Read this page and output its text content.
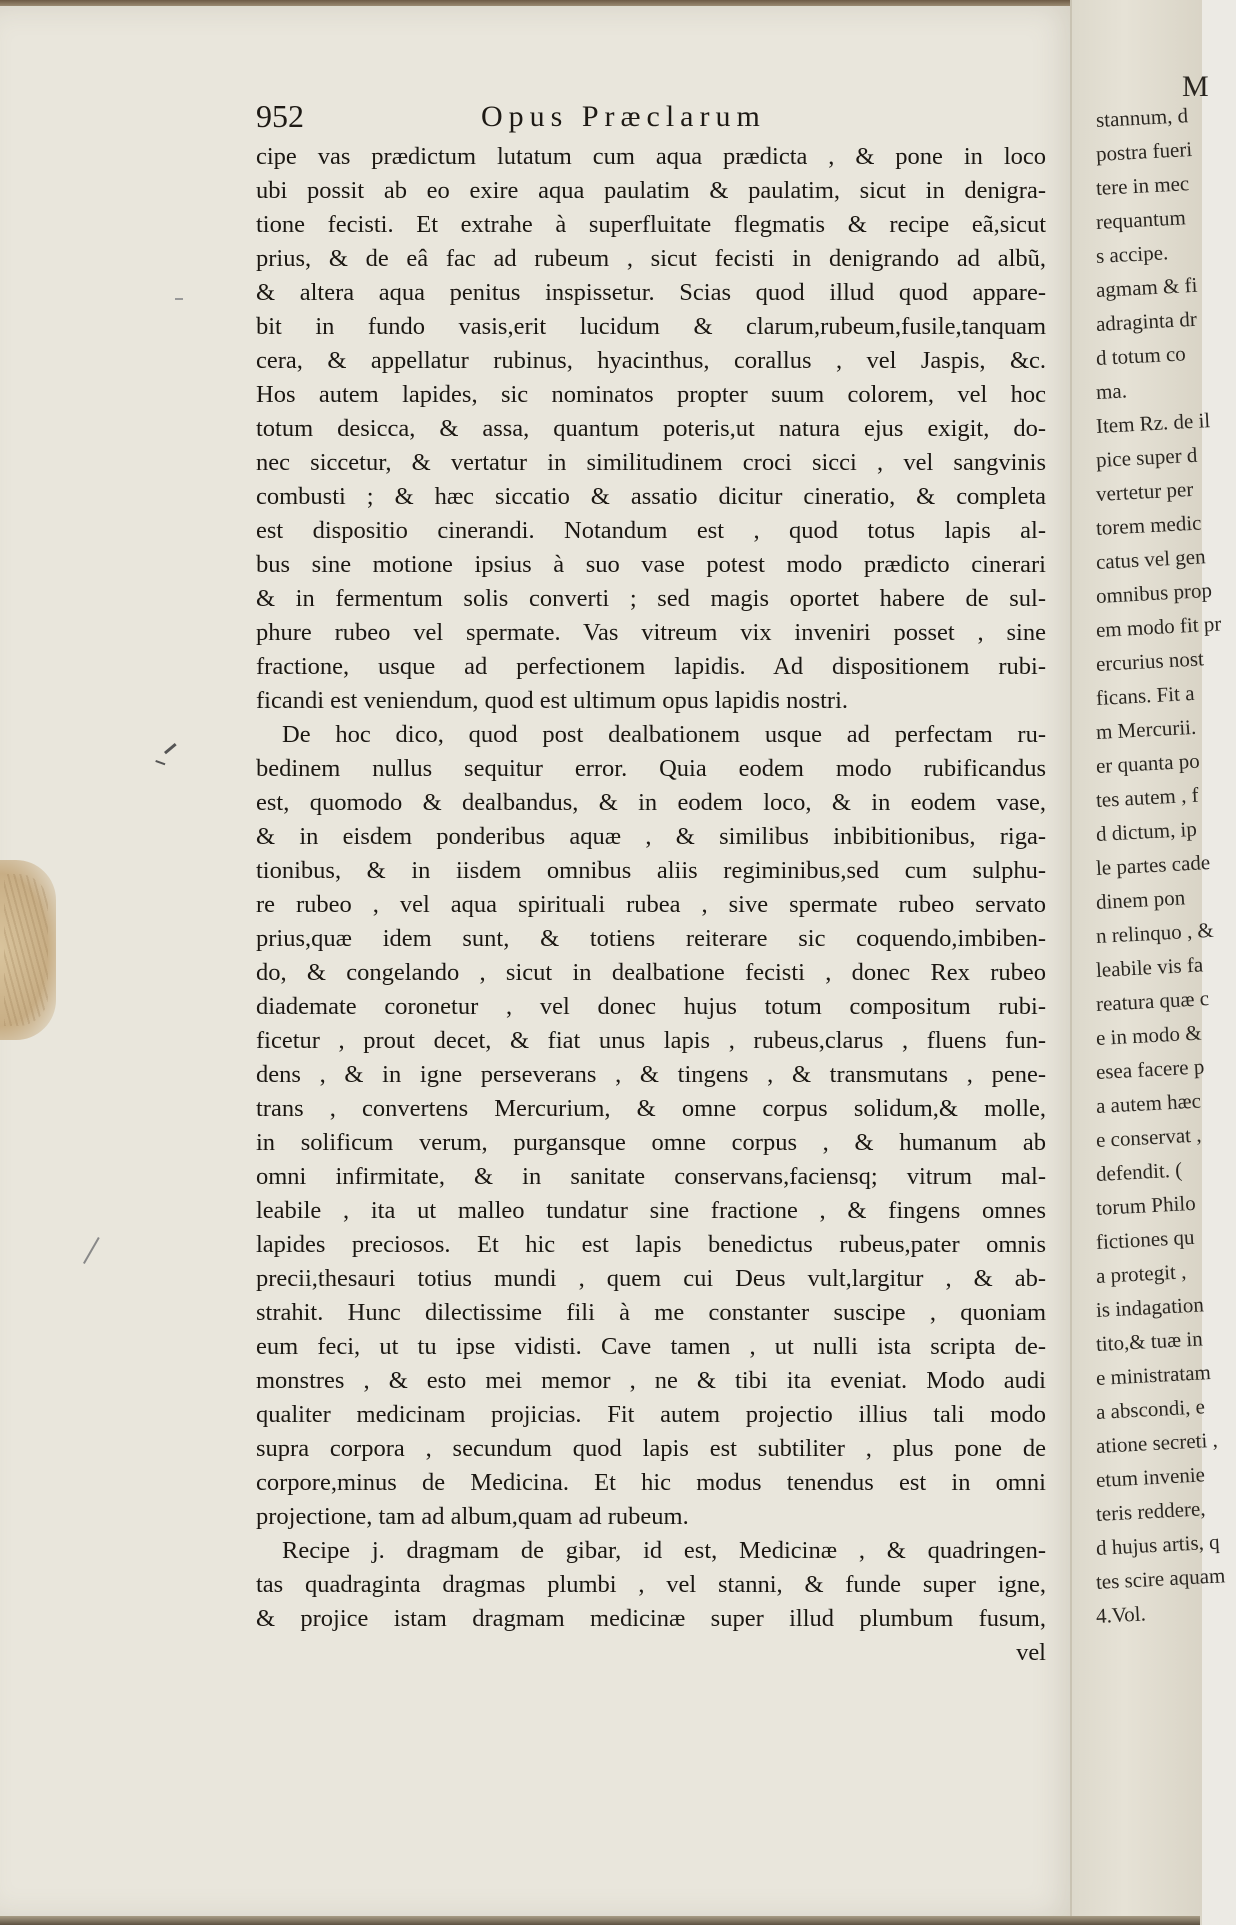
952	Opus Præclarum
cipe vas prædictum lutatum cum aqua prædicta , & pone in loco
ubi possit ab eo exire aqua paulatim & paulatim, sicut in denigra-
tione fecisti. Et extrahe à superfluitate flegmatis & recipe eã,sicut
prius, & de eâ fac ad rubeum , sicut fecisti in denigrando ad albũ,
& altera aqua penitus inspissetur. Scias quod illud quod appare-
bit in fundo vasis,erit lucidum & clarum,rubeum,fusile,tanquam
cera, & appellatur rubinus, hyacinthus, corallus , vel Jaspis, &c.
Hos autem lapides, sic nominatos propter suum colorem, vel hoc
totum desicca, & assa, quantum poteris,ut natura ejus exigit, do-
nec siccetur, & vertatur in similitudinem croci sicci , vel sangvinis
combusti ; & hæc siccatio & assatio dicitur cineratio, & completa
est dispositio cinerandi. Notandum est , quod totus lapis al-
bus sine motione ipsius à suo vase potest modo prædicto cinerari
& in fermentum solis converti ; sed magis oportet habere de sul-
phure rubeo vel spermate. Vas vitreum vix inveniri posset , sine
fractione, usque ad perfectionem lapidis. Ad dispositionem rubi-
ficandi est veniendum, quod est ultimum opus lapidis nostri.
De hoc dico, quod post dealbationem usque ad perfectam ru-
bedinem nullus sequitur error. Quia eodem modo rubificandus
est, quomodo & dealbandus, & in eodem loco, & in eodem vase,
& in eisdem ponderibus aquæ , & similibus inbibitionibus, riga-
tionibus, & in iisdem omnibus aliis regiminibus,sed cum sulphu-
re rubeo , vel aqua spirituali rubea , sive spermate rubeo servato
prius,quæ idem sunt, & totiens reiterare sic coquendo,imbiben-
do, & congelando , sicut in dealbatione fecisti , donec Rex rubeo
diademate coronetur , vel donec hujus totum compositum rubi-
ficetur , prout decet, & fiat unus lapis , rubeus,clarus , fluens fun-
dens , & in igne perseverans , & tingens , & transmutans , pene-
trans , convertens Mercurium, & omne corpus solidum,& molle,
in solificum verum, purgansque omne corpus , & humanum ab
omni infirmitate, & in sanitate conservans,faciensq; vitrum mal-
leabile , ita ut malleo tundatur sine fractione , & fingens omnes
lapides preciosos. Et hic est lapis benedictus rubeus,pater omnis
precii,thesauri totius mundi , quem cui Deus vult,largitur , & ab-
strahit. Hunc dilectissime fili à me constanter suscipe , quoniam
eum feci, ut tu ipse vidisti. Cave tamen , ut nulli ista scripta de-
monstres , & esto mei memor , ne & tibi ita eveniat. Modo audi
qualiter medicinam projicias. Fit autem projectio illius tali modo
supra corpora , secundum quod lapis est subtiliter , plus pone de
corpore,minus de Medicina. Et hic modus tenendus est in omni
projectione, tam ad album,quam ad rubeum.
Recipe j. dragmam de gibar, id est, Medicinæ , & quadringen-
tas quadraginta dragmas plumbi , vel stanni, & funde super igne,
& projice istam dragmam medicinæ super illud plumbum fusum,
vel
M
stannum, d
postra fueri
tere in mec
requantum
s accipe.
agmam & fi
adraginta dr
d totum co
ma.
Item Rz. de il
pice super d
vertetur per
torem medic
catus vel gen
omnibus prop
em modo fit pr
ercurius nost
ficans. Fit a
m Mercurii.
er quanta po
tes autem , f
d dictum, ip
le partes cade
dinem pon
n relinquo , &
leabile vis fa
reatura quæ c
e in modo &
esea facere p
a autem hæc
e conservat ,
defendit. (
torum Philo
fictiones qu
a protegit ,
is indagation
tito,& tuæ in
e ministratam
a abscondi, e
atione secreti ,
etum invenie
teris reddere,
d hujus artis, q
tes scire aquam
4.Vol.
